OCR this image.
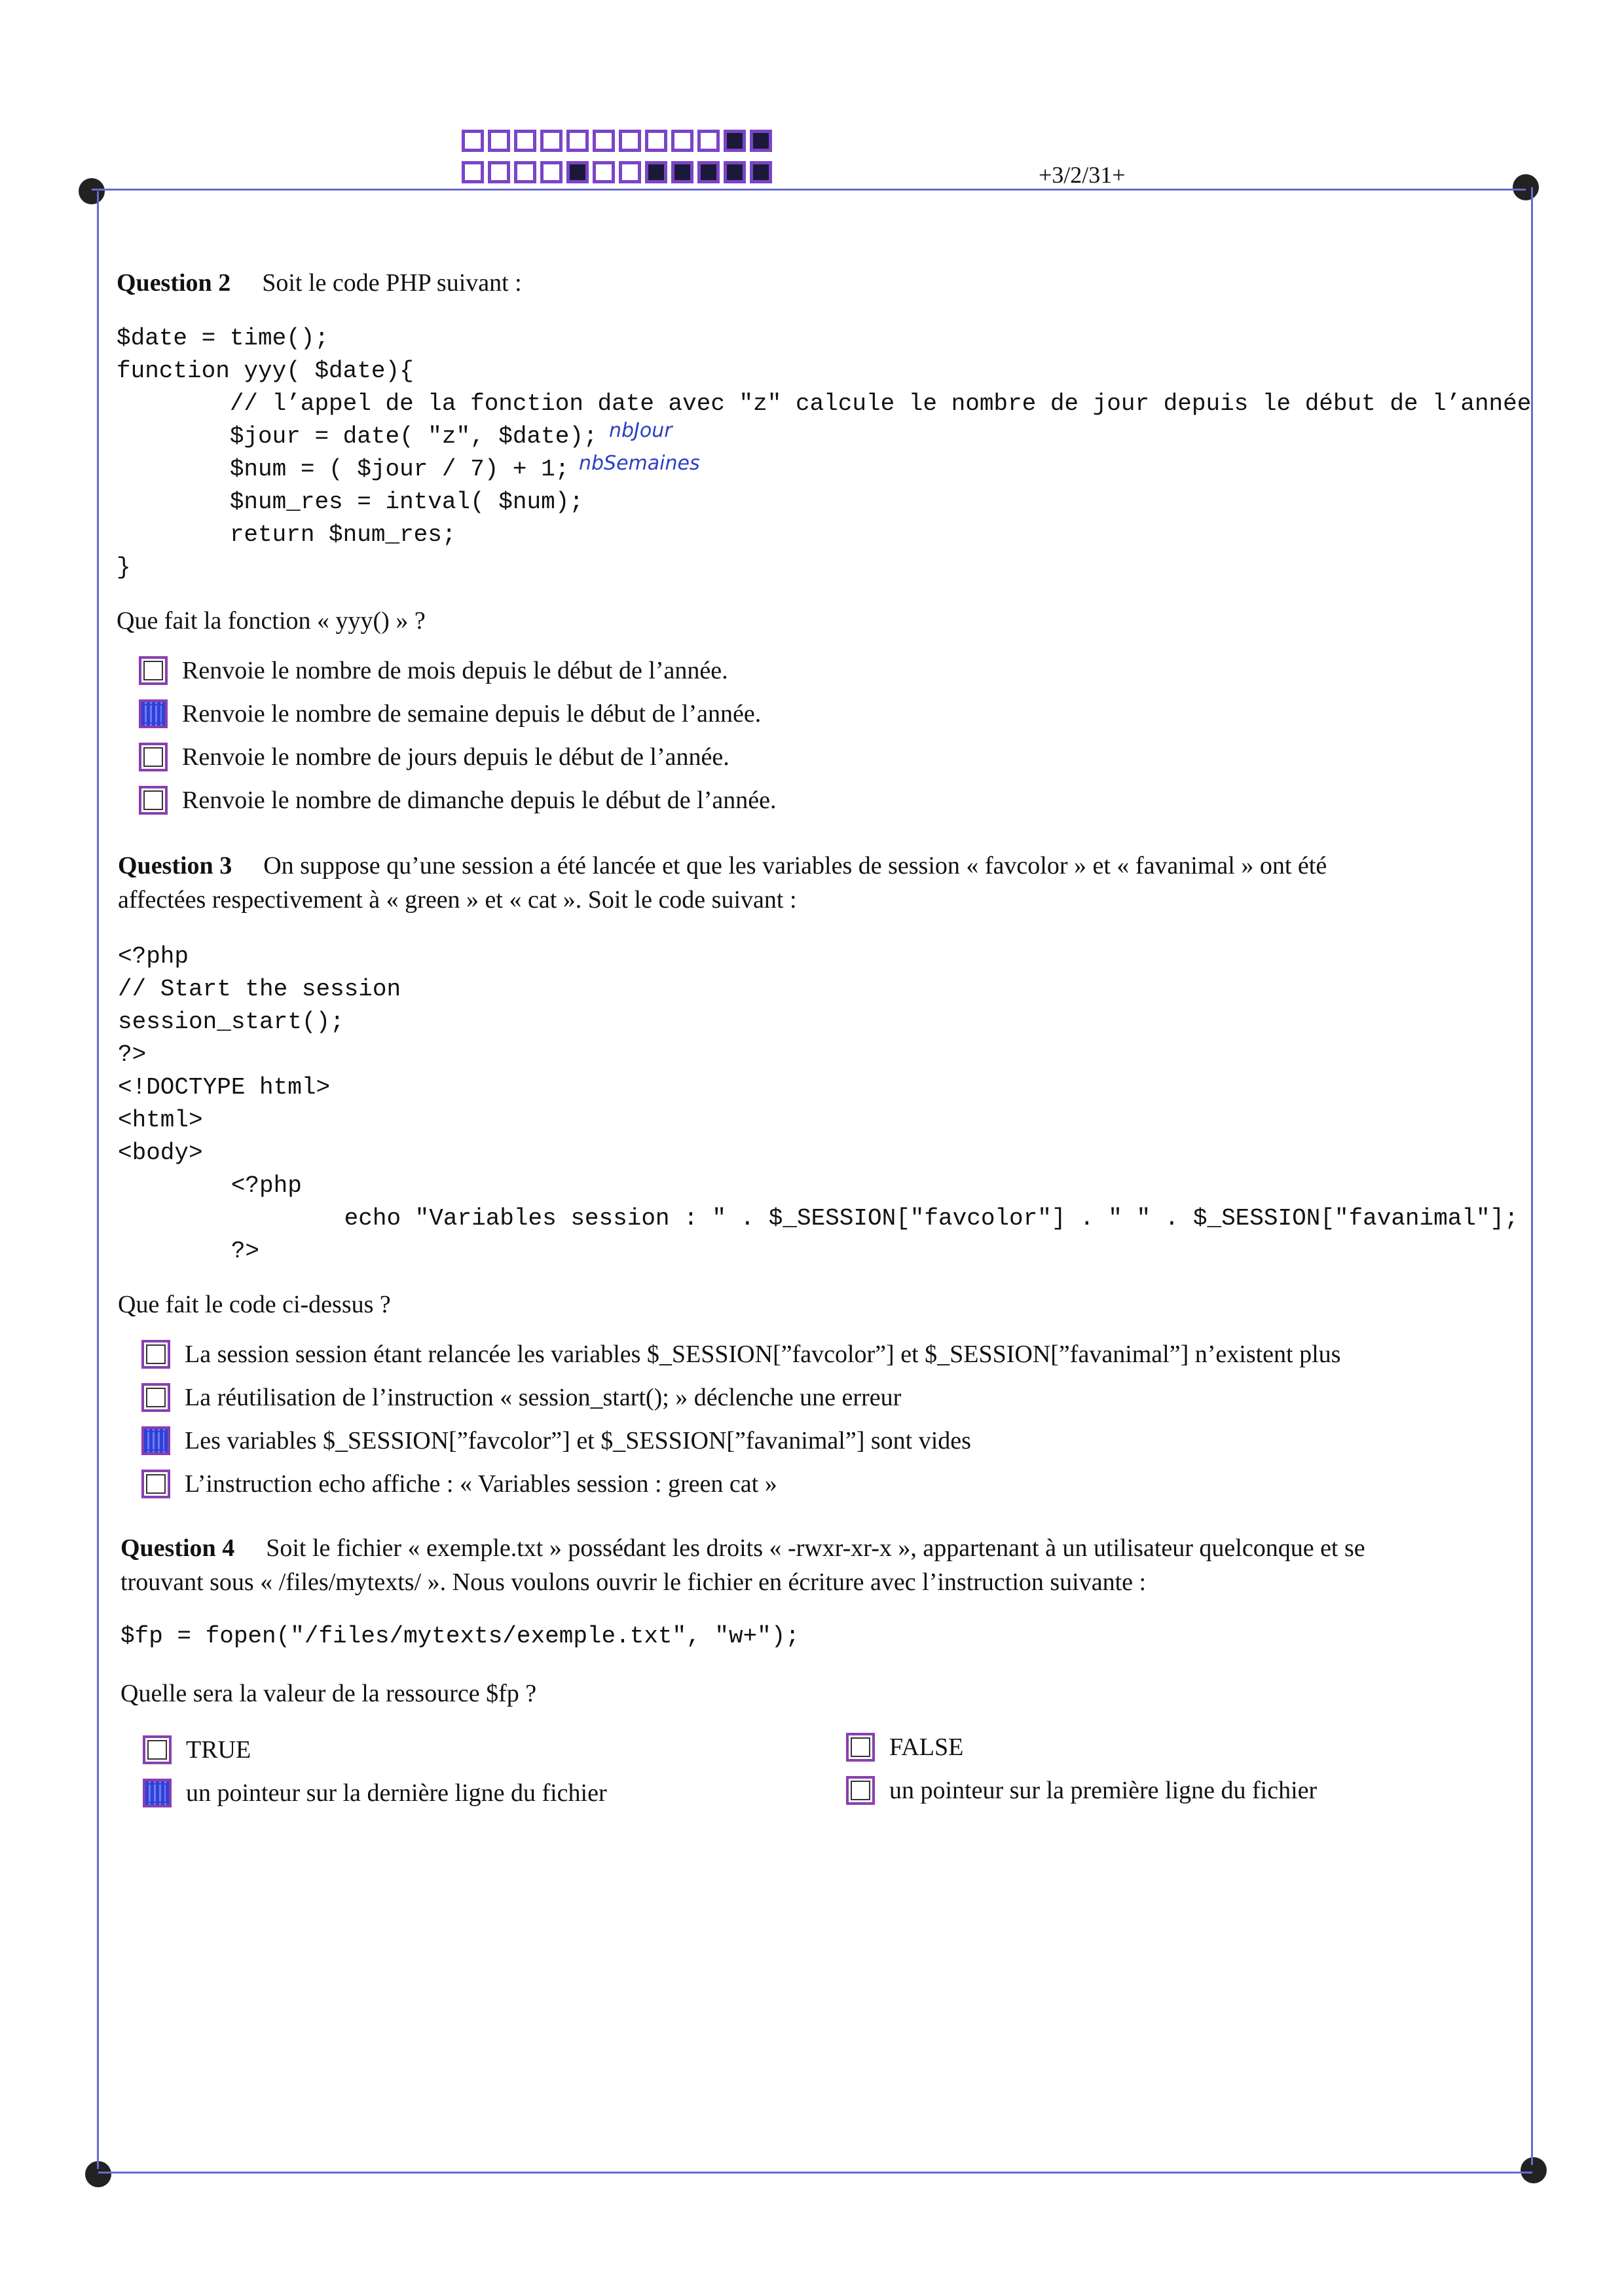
+3/2/31+
Question 2 Soit le code PHP suivant :
$date = time();
function yyy( $date){
// l’appel de la fonction date avec "z" calcule le nombre de jour depuis le début de l’année
$jour = date( "z", $date);
$num = ( $jour / 7) + 1;
$num_res = intval( $num);
return $num_res;
}
nbJour
nbSemaines
Que fait la fonction « yyy() » ?
Renvoie le nombre de mois depuis le début de l’année.
Renvoie le nombre de semaine depuis le début de l’année.
Renvoie le nombre de jours depuis le début de l’année.
Renvoie le nombre de dimanche depuis le début de l’année.
Question 3 On suppose qu’une session a été lancée et que les variables de session « favcolor » et « favanimal » ont été
affectées respectivement à « green » et « cat ». Soit le code suivant :
<?php
// Start the session
session_start();
?>
<!DOCTYPE html>
<html>
<body>
<?php
echo "Variables session : " . $_SESSION["favcolor"] . " " . $_SESSION["favanimal"];
?>
Que fait le code ci-dessus ?
La session session étant relancée les variables $_SESSION[”favcolor”] et $_SESSION[”favanimal”] n’existent plus
La réutilisation de l’instruction « session_start(); » déclenche une erreur
Les variables $_SESSION[”favcolor”] et $_SESSION[”favanimal”] sont vides
L’instruction echo affiche : « Variables session : green cat »
Question 4 Soit le fichier « exemple.txt » possédant les droits « -rwxr-xr-x », appartenant à un utilisateur quelconque et se
trouvant sous « /files/mytexts/ ». Nous voulons ouvrir le fichier en écriture avec l’instruction suivante :
$fp = fopen("/files/mytexts/exemple.txt", "w+");
Quelle sera la valeur de la ressource $fp ?
TRUE	FALSE
un pointeur sur la dernière ligne du fichier	un pointeur sur la première ligne du fichier
